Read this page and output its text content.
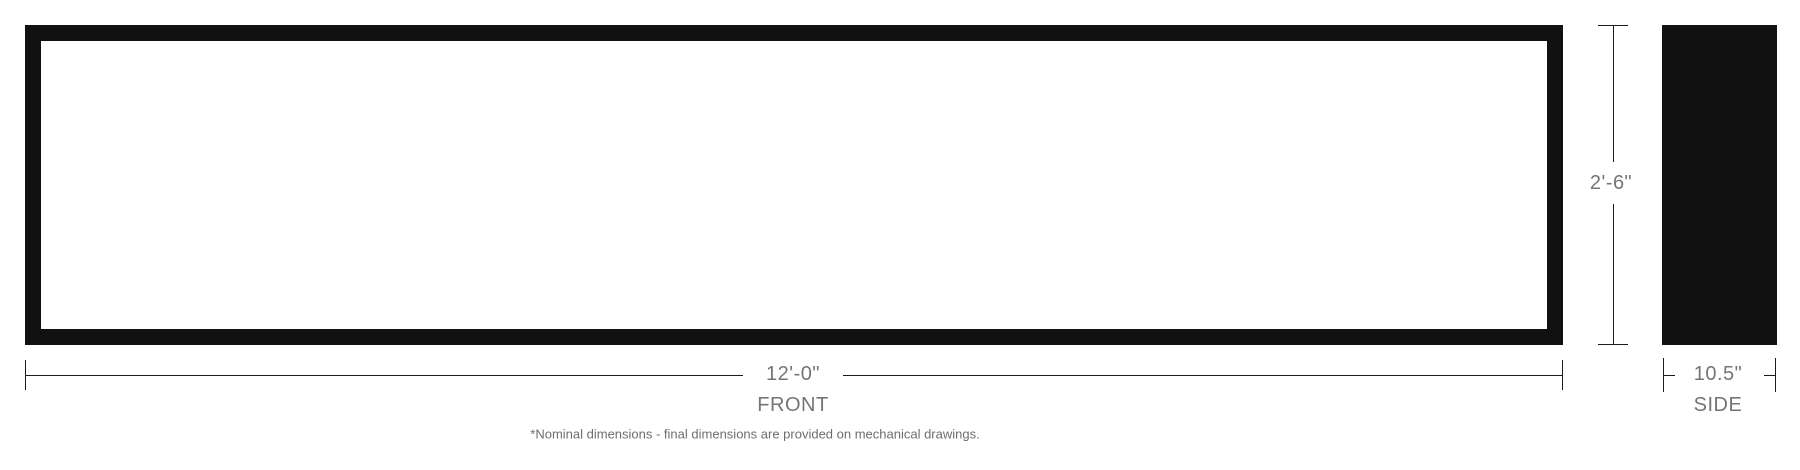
12'-0"
FRONT
2'-6"
10.5"
SIDE
*Nominal dimensions - final dimensions are provided on mechanical drawings.
